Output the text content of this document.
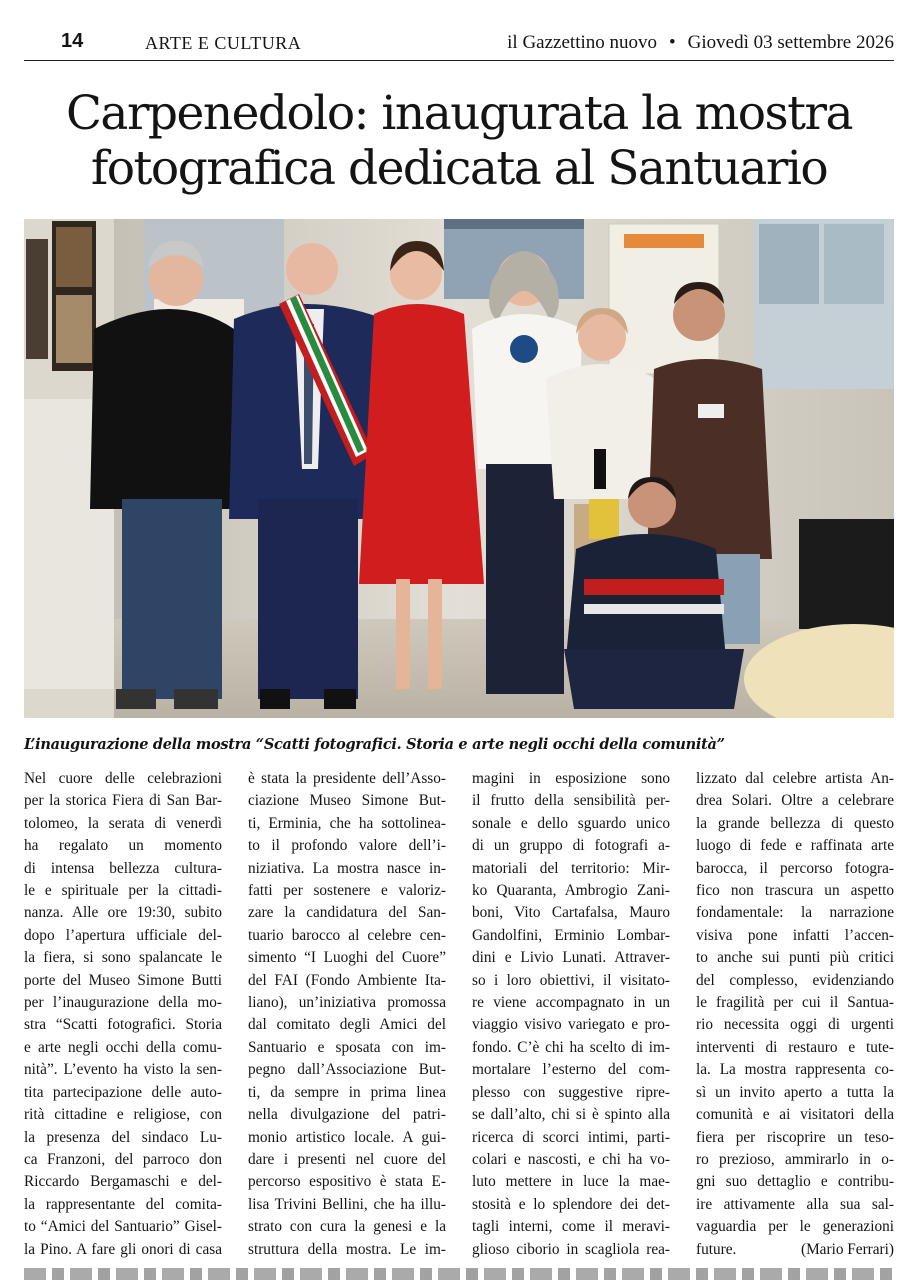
14	ARTE E CULTURA	il Gazzettino nuovo • Giovedì 03 settembre 2026
Carpenedolo: inaugurata la mostra
fotografica dedicata al Santuario
L’inaugurazione della mostra “Scatti fotografici. Storia e arte negli occhi della comunità”
Nel cuore delle celebrazioni
per la storica Fiera di San Bar-
tolomeo, la serata di venerdì
ha regalato un momento
di intensa bellezza cultura-
le e spirituale per la cittadi-
nanza. Alle ore 19:30, subito
dopo l’apertura ufficiale del-
la fiera, si sono spalancate le
porte del Museo Simone Butti
per l’inaugurazione della mo-
stra “Scatti fotografici. Storia
e arte negli occhi della comu-
nità”. L’evento ha visto la sen-
tita partecipazione delle auto-
rità cittadine e religiose, con
la presenza del sindaco Lu-
ca Franzoni, del parroco don
Riccardo Bergamaschi e del-
la rappresentante del comita-
to “Amici del Santuario” Gisel-
la Pino. A fare gli onori di casa
è stata la presidente dell’Asso-
ciazione Museo Simone But-
ti, Erminia, che ha sottolinea-
to il profondo valore dell’i-
niziativa. La mostra nasce in-
fatti per sostenere e valoriz-
zare la candidatura del San-
tuario barocco al celebre cen-
simento “I Luoghi del Cuore”
del FAI (Fondo Ambiente Ita-
liano), un’iniziativa promossa
dal comitato degli Amici del
Santuario e sposata con im-
pegno dall’Associazione But-
ti, da sempre in prima linea
nella divulgazione del patri-
monio artistico locale. A gui-
dare i presenti nel cuore del
percorso espositivo è stata E-
lisa Trivini Bellini, che ha illu-
strato con cura la genesi e la
struttura della mostra. Le im-
magini in esposizione sono
il frutto della sensibilità per-
sonale e dello sguardo unico
di un gruppo di fotografi a-
matoriali del territorio: Mir-
ko Quaranta, Ambrogio Zani-
boni, Vito Cartafalsa, Mauro
Gandolfini, Erminio Lombar-
dini e Livio Lunati. Attraver-
so i loro obiettivi, il visitato-
re viene accompagnato in un
viaggio visivo variegato e pro-
fondo. C’è chi ha scelto di im-
mortalare l’esterno del com-
plesso con suggestive ripre-
se dall’alto, chi si è spinto alla
ricerca di scorci intimi, parti-
colari e nascosti, e chi ha vo-
luto mettere in luce la mae-
stosità e lo splendore dei det-
tagli interni, come il meravi-
glioso ciborio in scagliola rea-
lizzato dal celebre artista An-
drea Solari. Oltre a celebrare
la grande bellezza di questo
luogo di fede e raffinata arte
barocca, il percorso fotogra-
fico non trascura un aspetto
fondamentale: la narrazione
visiva pone infatti l’accen-
to anche sui punti più critici
del complesso, evidenziando
le fragilità per cui il Santua-
rio necessita oggi di urgenti
interventi di restauro e tute-
la. La mostra rappresenta co-
sì un invito aperto a tutta la
comunità e ai visitatori della
fiera per riscoprire un teso-
ro prezioso, ammirarlo in o-
gni suo dettaglio e contribu-
ire attivamente alla sua sal-
vaguardia per le generazioni
future.	(Mario Ferrari)
